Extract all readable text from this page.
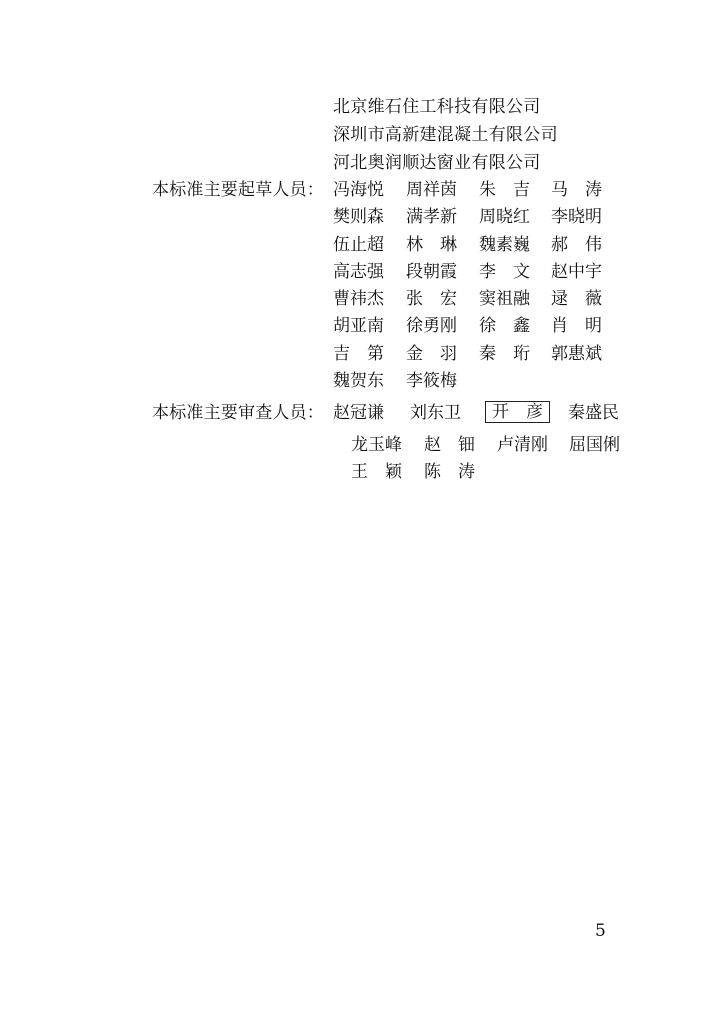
北京维石住工科技有限公司
深圳市高新建混凝土有限公司
河北奥润顺达窗业有限公司
本标准主要起草人员： 冯海悦 周祥茵 朱　吉 马　涛
樊则森 满孝新 周晓红 李晓明
伍止超 林　琳 魏素巍 郝　伟
高志强 段朝霞 李　文 赵中宇
曹祎杰 张　宏 窦祖融 逯　薇
胡亚南 徐勇刚 徐　鑫 肖　明
吉　第 金　羽 秦　珩 郭惠斌
魏贺东 李筱梅
本标准主要审查人员： 赵冠谦 刘东卫	开　彦	秦盛民
龙玉峰 赵　钿 卢清刚 屈国俐
王　颖 陈　涛
5
